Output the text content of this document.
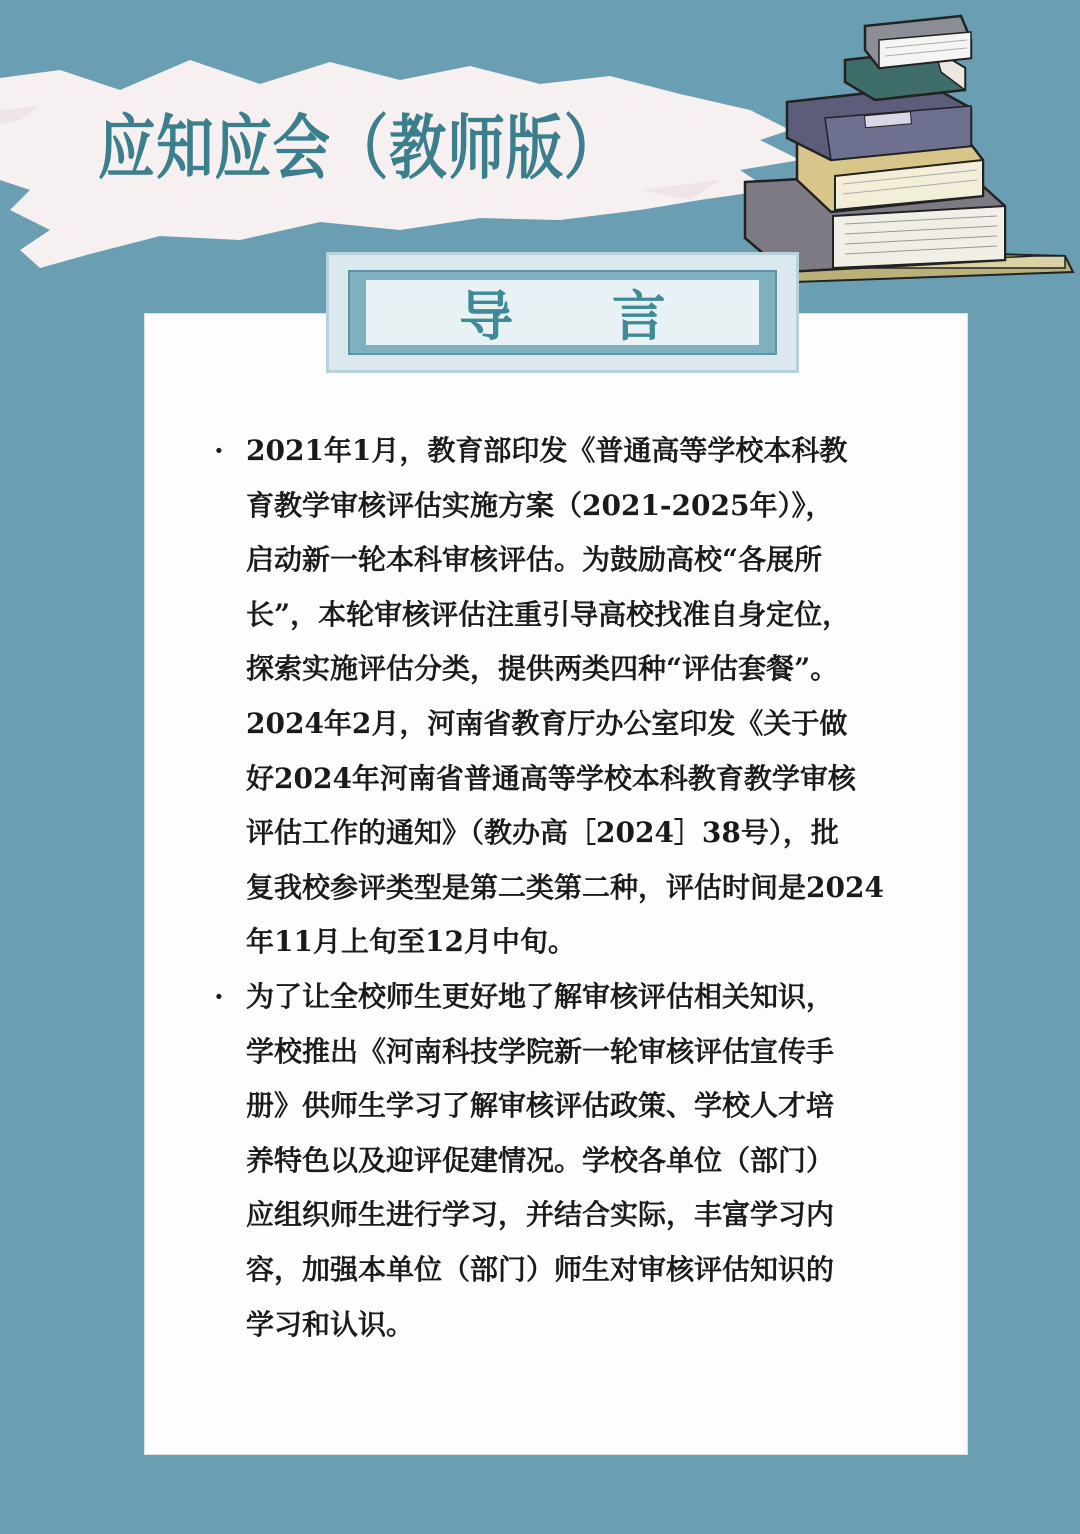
应知应会（教师版）
导 言
· 2021年1月，教育部印发《普通高等学校本科教
育教学审核评估实施方案（2021-2025年）》，
启动新一轮本科审核评估。为鼓励高校“各展所
长”，本轮审核评估注重引导高校找准自身定位，
探索实施评估分类，提供两类四种“评估套餐”。
2024年2月，河南省教育厅办公室印发《关于做
好2024年河南省普通高等学校本科教育教学审核
评估工作的通知》（教办高［2024］38号），批
复我校参评类型是第二类第二种，评估时间是2024
年11月上旬至12月中旬。
· 为了让全校师生更好地了解审核评估相关知识，
学校推出《河南科技学院新一轮审核评估宣传手
册》供师生学习了解审核评估政策、学校人才培
养特色以及迎评促建情况。学校各单位（部门）
应组织师生进行学习，并结合实际，丰富学习内
容，加强本单位（部门）师生对审核评估知识的
学习和认识。
